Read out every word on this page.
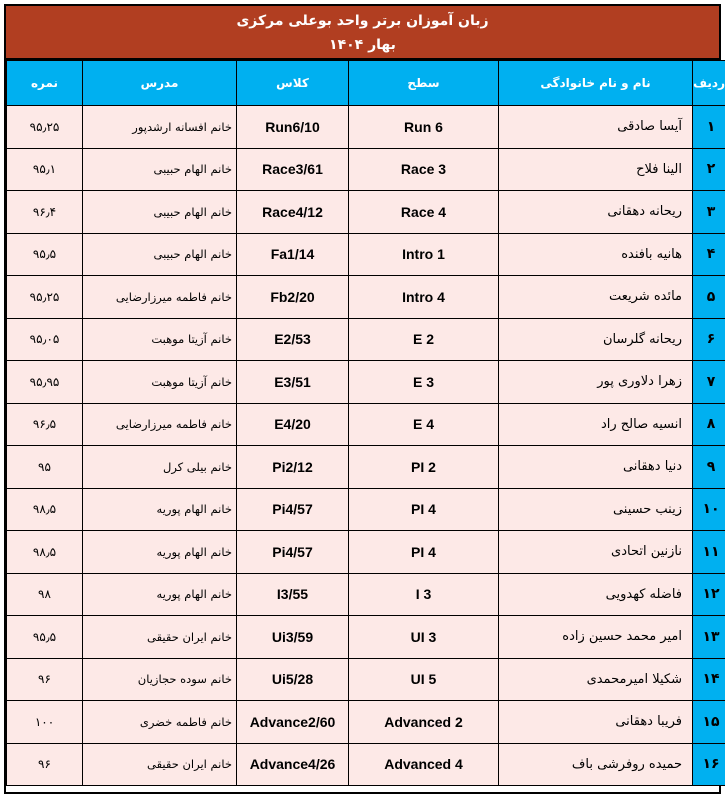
زبان آموزان برتر واحد بوعلی مرکزی
بهار ۱۴۰۴
ردیف	نام و نام خانوادگی	سطح	کلاس	مدرس	نمره
۱	آیسا صادقی	Run 6	Run6/10	خانم افسانه ارشدپور	۹۵٫۲۵
۲	الینا فلاح	Race 3	Race3/61	خانم الهام حبیبی	۹۵٫۱
۳	ریحانه دهقانی	Race 4	Race4/12	خانم الهام حبیبی	۹۶٫۴
۴	هانیه بافنده	Intro 1	Fa1/14	خانم الهام حبیبی	۹۵٫۵
۵	مائده شریعت	Intro 4	Fb2/20	خانم فاطمه میرزارضایی	۹۵٫۲۵
۶	ریحانه گلرسان	E 2	E2/53	خانم آزیتا موهبت	۹۵٫۰۵
۷	زهرا دلاوری پور	E 3	E3/51	خانم آزیتا موهبت	۹۵٫۹۵
۸	انسیه صالح راد	E 4	E4/20	خانم فاطمه میرزارضایی	۹۶٫۵
۹	دنیا دهقانی	PI 2	Pi2/12	خانم بیلی کرل	۹۵
۱۰	زینب حسینی	PI 4	Pi4/57	خانم الهام پوریه	۹۸٫۵
۱۱	نازنین اتحادی	PI 4	Pi4/57	خانم الهام پوریه	۹۸٫۵
۱۲	فاضله کهدویی	I 3	I3/55	خانم الهام پوریه	۹۸
۱۳	امیر محمد حسین زاده	UI 3	Ui3/59	خانم ایران حقیقی	۹۵٫۵
۱۴	شکیلا امیرمحمدی	UI 5	Ui5/28	خانم سوده حجازیان	۹۶
۱۵	فریبا دهقانی	Advanced 2	Advance2/60	خانم فاطمه خضری	۱۰۰
۱۶	حمیده روفرشی باف	Advanced 4	Advance4/26	خانم ایران حقیقی	۹۶
